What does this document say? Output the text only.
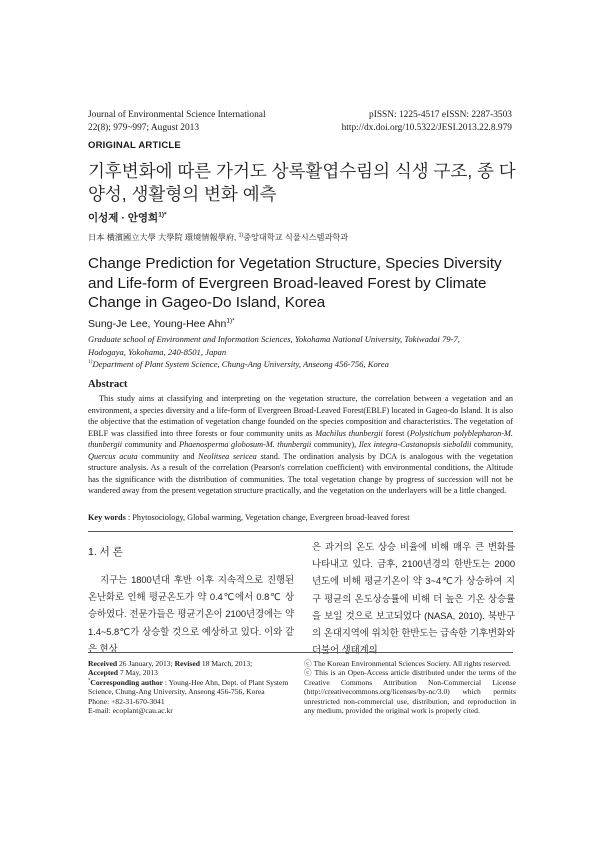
Journal of Environmental Science International
22(8); 979~997; August 2013
pISSN: 1225-4517 eISSN: 2287-3503
http://dx.doi.org/10.5322/JESI.2013.22.8.979
ORIGINAL ARTICLE
기후변화에 따른 가거도 상록활엽수림의 식생 구조, 종 다양성, 생활형의 변화 예측
이성제 · 안영희$^{1)*}$
日本 橫濱國立大學 大學院 環境情報學府, $^{1)}$중앙대학교 식물시스템과학과
Change Prediction for Vegetation Structure, Species Diversity and Life-form of Evergreen Broad-leaved Forest by Climate Change in Gageo-Do Island, Korea
Sung-Je Lee, Young-Hee Ahn$^{1)*}$
Graduate school of Environment and Information Sciences, Yokohama National University, Tokiwadai 79-7,
Hodogaya, Yokohama, 240-8501, Japan
$^{1)}$Department of Plant System Science, Chung-Ang University, Anseong 456-756, Korea
Abstract
This study aims at classifying and interpreting on the vegetation structure, the correlation between a vegetation and an environment, a species diversity and a life-form of Evergreen Broad-Leaved Forest(EBLF) located in Gageo-do Island. It is also the objective that the estimation of vegetation change founded on the species composition and characteristics. The vegetation of EBLF was classified into three forests or four community units as Machilus thunbergii forest (Polystichum polyblepharon-M. thunbergii community and Phaenosperma globosum-M. thunbergii community), Ilex integra-Castanopsis sieboldii community, Quercus acuta community and Neolitsea sericea stand. The ordination analysis by DCA is analogous with the vegetation structure analysis. As a result of the correlation (Pearson's correlation coefficient) with environmental conditions, the Altitude has the significance with the distribution of communities. The total vegetation change by progress of succession will not be wandered away from the present vegetation structure practically, and the vegetation on the underlayers will be a little changed.
Key words : Phytosociology, Global warming, Vegetation change, Evergreen broad-leaved forest
1. 서 론
지구는 1800년대 후반 이후 지속적으로 진행된 온난화로 인해 평균온도가 약 0.4℃에서 0.8℃ 상승하였다. 전문가들은 평균기온이 2100년경에는 약 1.4~5.8℃가 상승할 것으로 예상하고 있다. 이와 같은 현상
은 과거의 온도 상승 비율에 비해 매우 큰 변화를 나타내고 있다. 금후, 2100년경의 한반도는 2000년도에 비해 평균기온이 약 3~4℃가 상승하여 지구 평균의 온도상승률에 비해 더 높은 기온 상승률을 보일 것으로 보고되었다 (NASA, 2010). 북반구의 온대지역에 위치한 한반도는 급속한 기후변화와 더불어 생태계의
Received 26 January, 2013; Revised 18 March, 2013;
Accepted 7 May, 2013
*Corresponding author : Young-Hee Ahn, Dept. of Plant System Science, Chung-Ang University, Anseong 456-756, Korea
Phone: +82-31-670-3041
E-mail: ecoplant@cau.ac.kr
ⓒ The Korean Environmental Sciences Society. All rights reserved.
ⓒ This is an Open-Access article distributed under the terms of the Creative Commons Attribution Non-Commercial License (http://creativecommons.org/licenses/by-nc/3.0) which permits unrestricted non-commercial use, distribution, and reproduction in any medium, provided the original work is properly cited.
